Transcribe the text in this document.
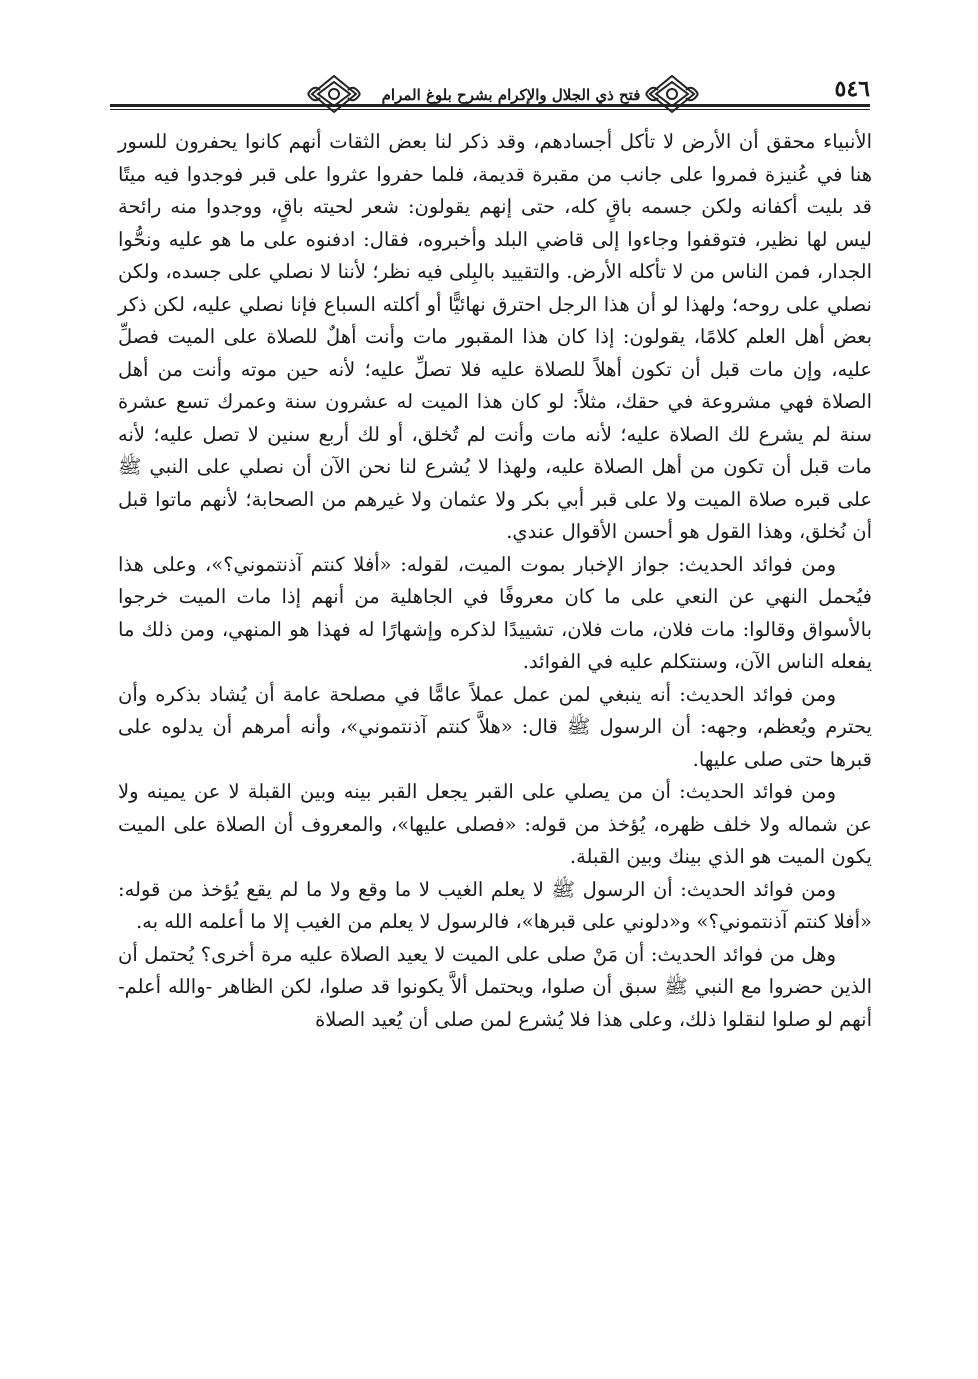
٥٤٦
فتح ذي الجلال والإكرام بشرح بلوغ المرام

الأنبياء محقق أن الأرض لا تأكل أجسادهم، وقد ذكر لنا بعض الثقات أنهم كانوا يحفرون للسور هنا في عُنيزة فمروا على جانب من مقبرة قديمة، فلما حفروا عثروا على قبر فوجدوا فيه ميتًا قد بليت أكفانه ولكن جسمه باقٍ كله، حتى إنهم يقولون: شعر لحيته باقٍ، ووجدوا منه رائحة ليس لها نظير، فتوقفوا وجاءوا إلى قاضي البلد وأخبروه، فقال: ادفنوه على ما هو عليه ونحُّوا الجدار، فمن الناس من لا تأكله الأرض. والتقييد بالبِلى فيه نظر؛ لأننا لا نصلي على جسده، ولكن نصلي على روحه؛ ولهذا لو أن هذا الرجل احترق نهائيًّا أو أكلته السباع فإنا نصلي عليه، لكن ذكر بعض أهل العلم كلامًا، يقولون: إذا كان هذا المقبور مات وأنت أهلٌ للصلاة على الميت فصلِّ عليه، وإن مات قبل أن تكون أهلاً للصلاة عليه فلا تصلِّ عليه؛ لأنه حين موته وأنت من أهل الصلاة فهي مشروعة في حقك، مثلاً: لو كان هذا الميت له عشرون سنة وعمرك تسع عشرة سنة لم يشرع لك الصلاة عليه؛ لأنه مات وأنت لم تُخلق، أو لك أربع سنين لا تصل عليه؛ لأنه مات قبل أن تكون من أهل الصلاة عليه، ولهذا لا يُشرع لنا نحن الآن أن نصلي على النبي ﷺ على قبره صلاة الميت ولا على قبر أبي بكر ولا عثمان ولا غيرهم من الصحابة؛ لأنهم ماتوا قبل أن نُخلق، وهذا القول هو أحسن الأقوال عندي.

ومن فوائد الحديث: جواز الإخبار بموت الميت، لقوله: «أفلا كنتم آذنتموني؟»، وعلى هذا فيُحمل النهي عن النعي على ما كان معروفًا في الجاهلية من أنهم إذا مات الميت خرجوا بالأسواق وقالوا: مات فلان، مات فلان، تشييدًا لذكره وإشهارًا له فهذا هو المنهي، ومن ذلك ما يفعله الناس الآن، وسنتكلم عليه في الفوائد.

ومن فوائد الحديث: أنه ينبغي لمن عمل عملاً عامًّا في مصلحة عامة أن يُشاد بذكره وأن يحترم ويُعظم، وجهه: أن الرسول ﷺ قال: «هلاَّ كنتم آذنتموني»، وأنه أمرهم أن يدلوه على قبرها حتى صلى عليها.

ومن فوائد الحديث: أن من يصلي على القبر يجعل القبر بينه وبين القبلة لا عن يمينه ولا عن شماله ولا خلف ظهره، يُؤخذ من قوله: «فصلى عليها»، والمعروف أن الصلاة على الميت يكون الميت هو الذي بينك وبين القبلة.

ومن فوائد الحديث: أن الرسول ﷺ لا يعلم الغيب لا ما وقع ولا ما لم يقع يُؤخذ من قوله: «أفلا كنتم آذنتموني؟» و«دلوني على قبرها»، فالرسول لا يعلم من الغيب إلا ما أعلمه الله به.

وهل من فوائد الحديث: أن مَنْ صلى على الميت لا يعيد الصلاة عليه مرة أخرى؟ يُحتمل أن الذين حضروا مع النبي ﷺ سبق أن صلوا، ويحتمل ألاَّ يكونوا قد صلوا، لكن الظاهر -والله أعلم- أنهم لو صلوا لنقلوا ذلك، وعلى هذا فلا يُشرع لمن صلى أن يُعيد الصلاة
